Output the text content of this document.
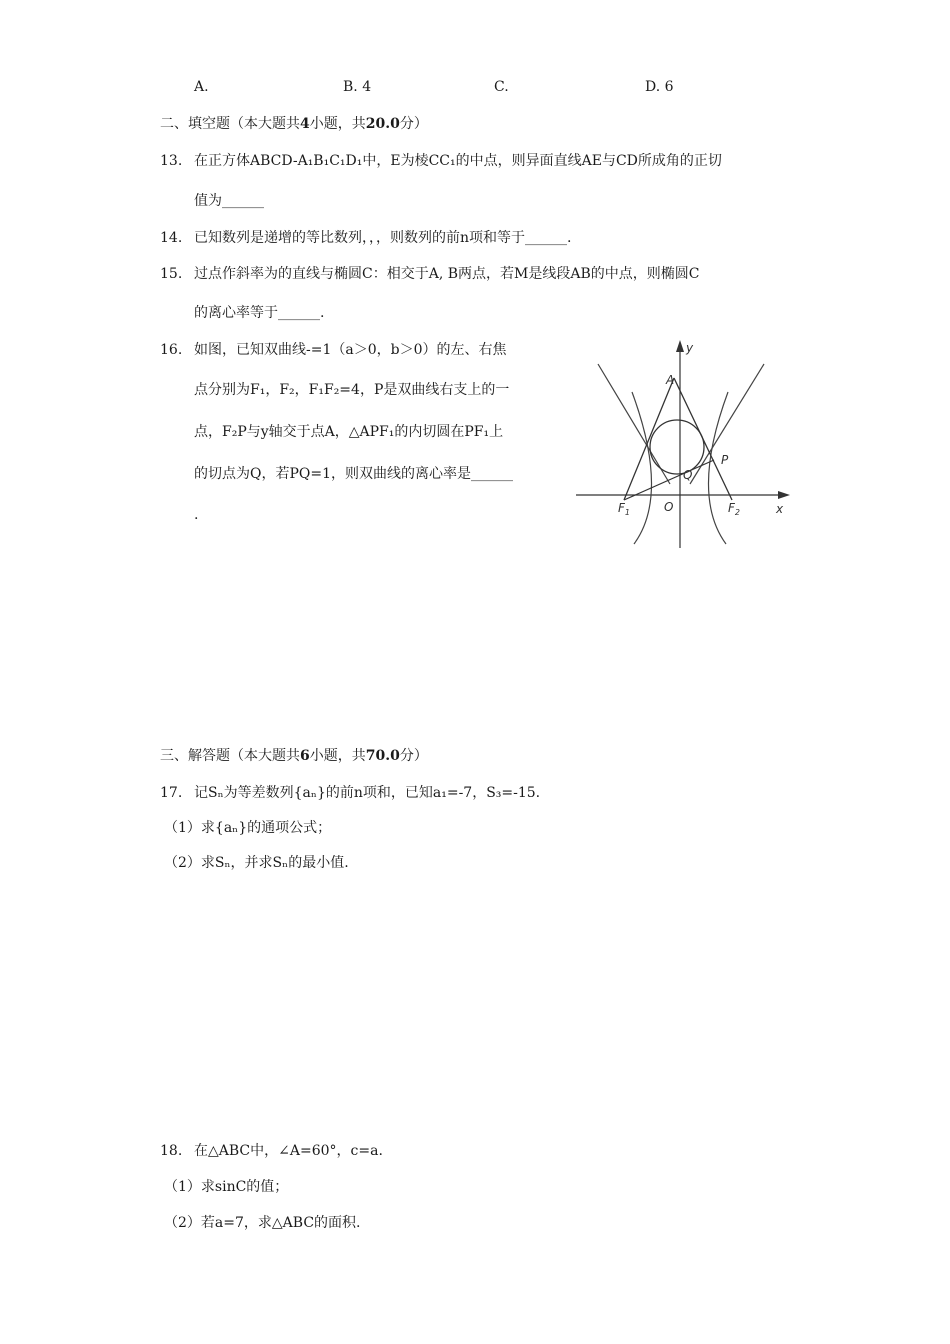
A.	B. 4	C.	D. 6
二、填空题（本大题共4小题，共20.0分）
13. 在正方体ABCD-A₁B₁C₁D₁中，E为棱CC₁的中点，则异面直线AE与CD所成角的正切
值为______
14. 已知数列是递增的等比数列，，，则数列的前n项和等于______.
15. 过点作斜率为的直线与椭圆C：相交于A, B两点，若M是线段AB的中点，则椭圆C
的离心率等于______.
16. 如图，已知双曲线-=1（a＞0，b＞0）的左、右焦
点分别为F₁，F₂，F₁F₂=4，P是双曲线右支上的一
点，F₂P与y轴交于点A，△APF₁的内切圆在PF₁上
的切点为Q，若PQ=1，则双曲线的离心率是______
.
y
x
A
P
Q
O
$F_1$	$F_2$
三、解答题（本大题共6小题，共70.0分）
17. 记Sₙ为等差数列{aₙ}的前n项和，已知a₁=-7，S₃=-15.
（1）求{aₙ}的通项公式；
（2）求Sₙ，并求Sₙ的最小值.
18. 在△ABC中，∠A=60°，c=a.
（1）求sinC的值；
（2）若a=7，求△ABC的面积.
